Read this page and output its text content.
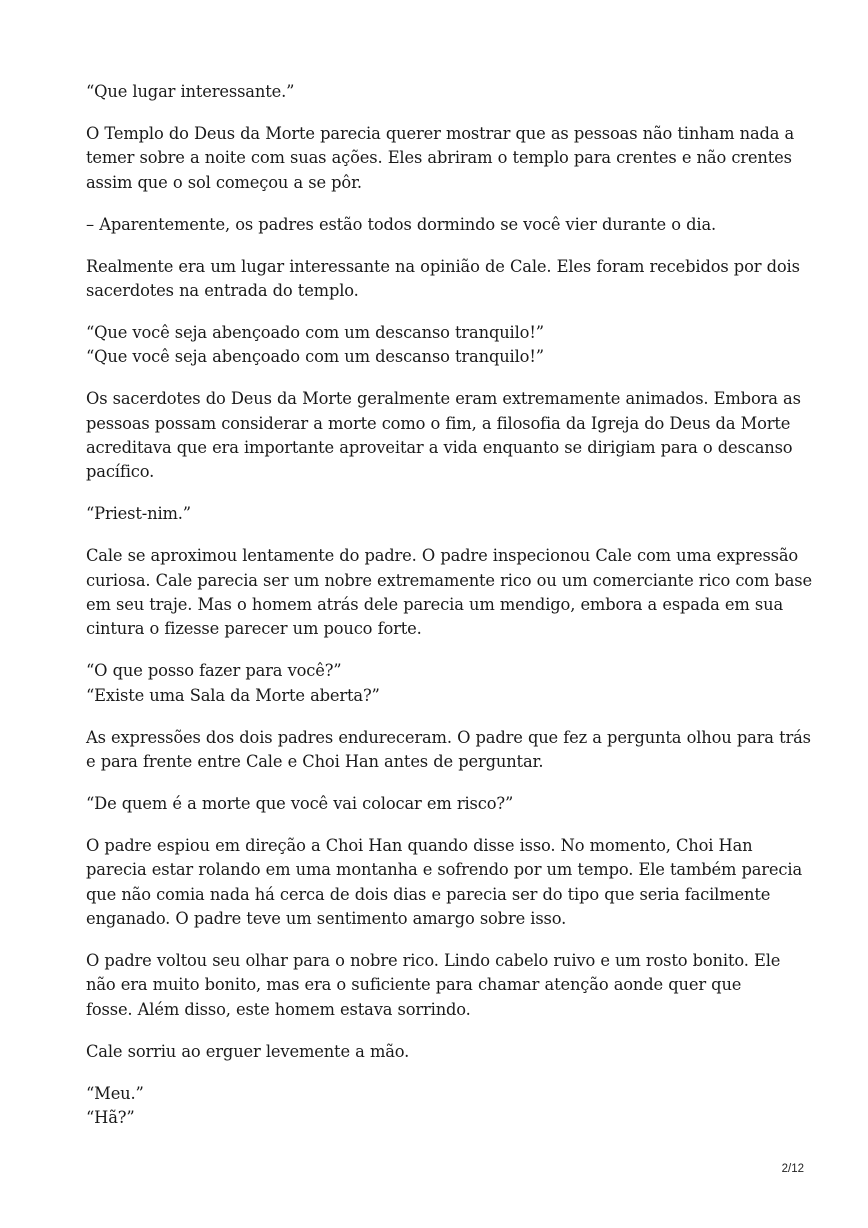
“Que lugar interessante.”

O Templo do Deus da Morte parecia querer mostrar que as pessoas não tinham nada a
temer sobre a noite com suas ações. Eles abriram o templo para crentes e não crentes
assim que o sol começou a se pôr.

– Aparentemente, os padres estão todos dormindo se você vier durante o dia.

Realmente era um lugar interessante na opinião de Cale. Eles foram recebidos por dois
sacerdotes na entrada do templo.

“Que você seja abençoado com um descanso tranquilo!”
“Que você seja abençoado com um descanso tranquilo!”

Os sacerdotes do Deus da Morte geralmente eram extremamente animados. Embora as
pessoas possam considerar a morte como o fim, a filosofia da Igreja do Deus da Morte
acreditava que era importante aproveitar a vida enquanto se dirigiam para o descanso
pacífico.

“Priest-nim.”

Cale se aproximou lentamente do padre. O padre inspecionou Cale com uma expressão
curiosa. Cale parecia ser um nobre extremamente rico ou um comerciante rico com base
em seu traje. Mas o homem atrás dele parecia um mendigo, embora a espada em sua
cintura o fizesse parecer um pouco forte.

“O que posso fazer para você?”
“Existe uma Sala da Morte aberta?”

As expressões dos dois padres endureceram. O padre que fez a pergunta olhou para trás
e para frente entre Cale e Choi Han antes de perguntar.

“De quem é a morte que você vai colocar em risco?”

O padre espiou em direção a Choi Han quando disse isso. No momento, Choi Han
parecia estar rolando em uma montanha e sofrendo por um tempo. Ele também parecia
que não comia nada há cerca de dois dias e parecia ser do tipo que seria facilmente
enganado. O padre teve um sentimento amargo sobre isso.

O padre voltou seu olhar para o nobre rico. Lindo cabelo ruivo e um rosto bonito. Ele
não era muito bonito, mas era o suficiente para chamar atenção aonde quer que
fosse. Além disso, este homem estava sorrindo.

Cale sorriu ao erguer levemente a mão.

“Meu.”
“Hã?”

2/12
